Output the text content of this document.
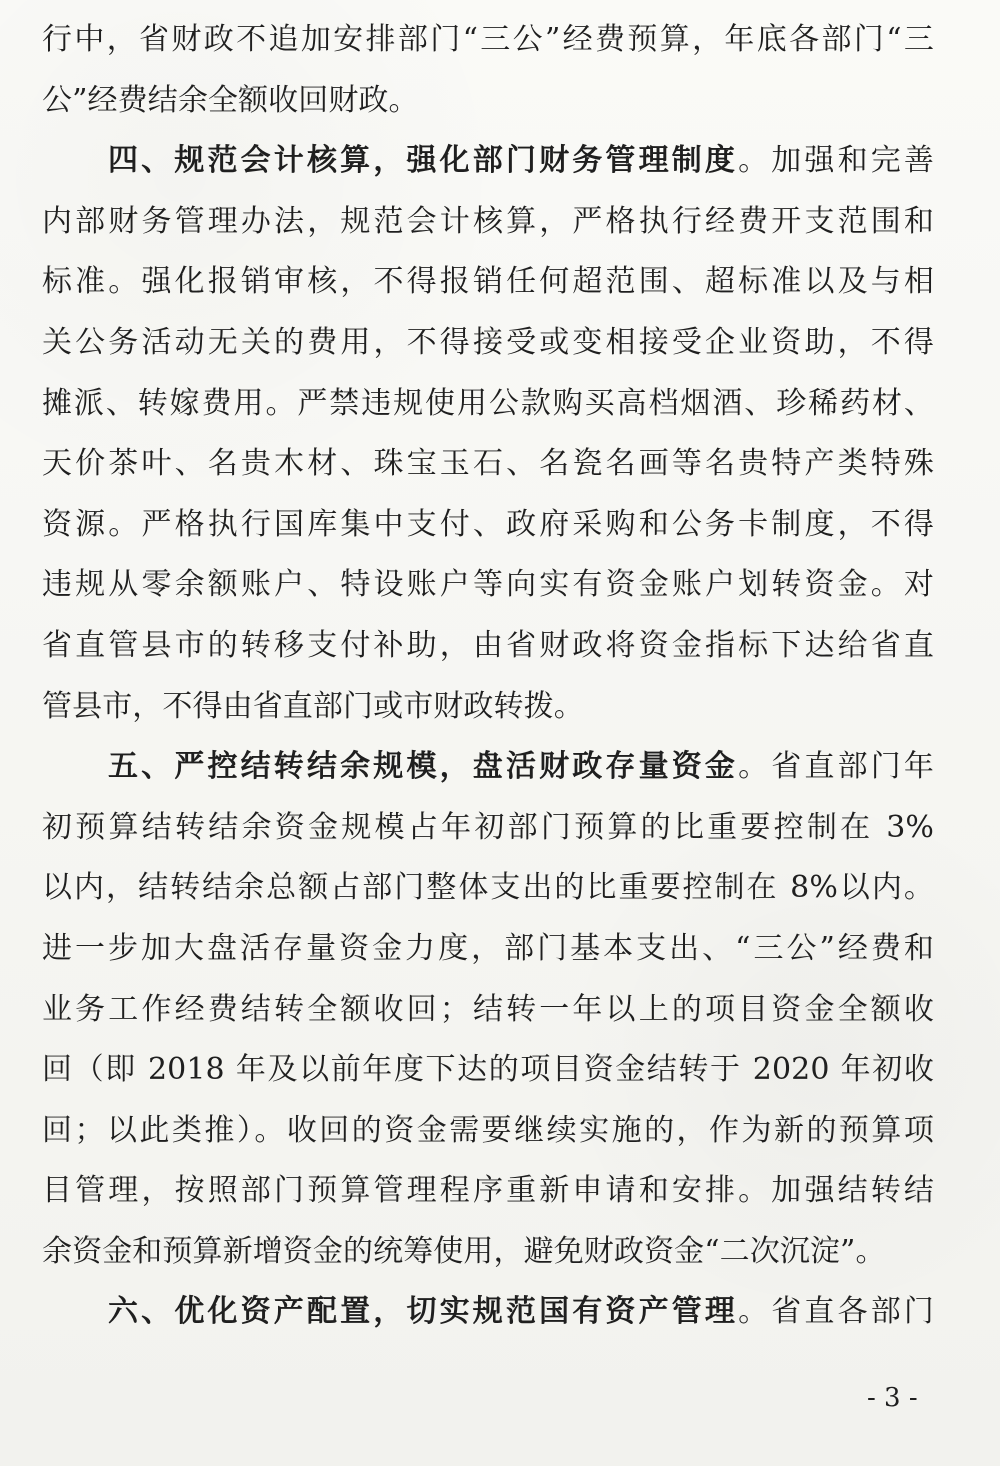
行中，省财政不追加安排部门“三公”经费预算，年底各部门“三
公”经费结余全额收回财政。
四、规范会计核算，强化部门财务管理制度。加强和完善
内部财务管理办法，规范会计核算，严格执行经费开支范围和
标准。强化报销审核，不得报销任何超范围、超标准以及与相
关公务活动无关的费用，不得接受或变相接受企业资助，不得
摊派、转嫁费用。严禁违规使用公款购买高档烟酒、珍稀药材、
天价茶叶、名贵木材、珠宝玉石、名瓷名画等名贵特产类特殊
资源。严格执行国库集中支付、政府采购和公务卡制度，不得
违规从零余额账户、特设账户等向实有资金账户划转资金。对
省直管县市的转移支付补助，由省财政将资金指标下达给省直
管县市，不得由省直部门或市财政转拨。
五、严控结转结余规模，盘活财政存量资金。省直部门年
初预算结转结余资金规模占年初部门预算的比重要控制在 3%
以内，结转结余总额占部门整体支出的比重要控制在 8%以内。
进一步加大盘活存量资金力度，部门基本支出、“三公”经费和
业务工作经费结转全额收回；结转一年以上的项目资金全额收
回（即 2018 年及以前年度下达的项目资金结转于 2020 年初收
回；以此类推）。收回的资金需要继续实施的，作为新的预算项
目管理，按照部门预算管理程序重新申请和安排。加强结转结
余资金和预算新增资金的统筹使用，避免财政资金“二次沉淀”。
六、优化资产配置，切实规范国有资产管理。省直各部门
- 3 -
